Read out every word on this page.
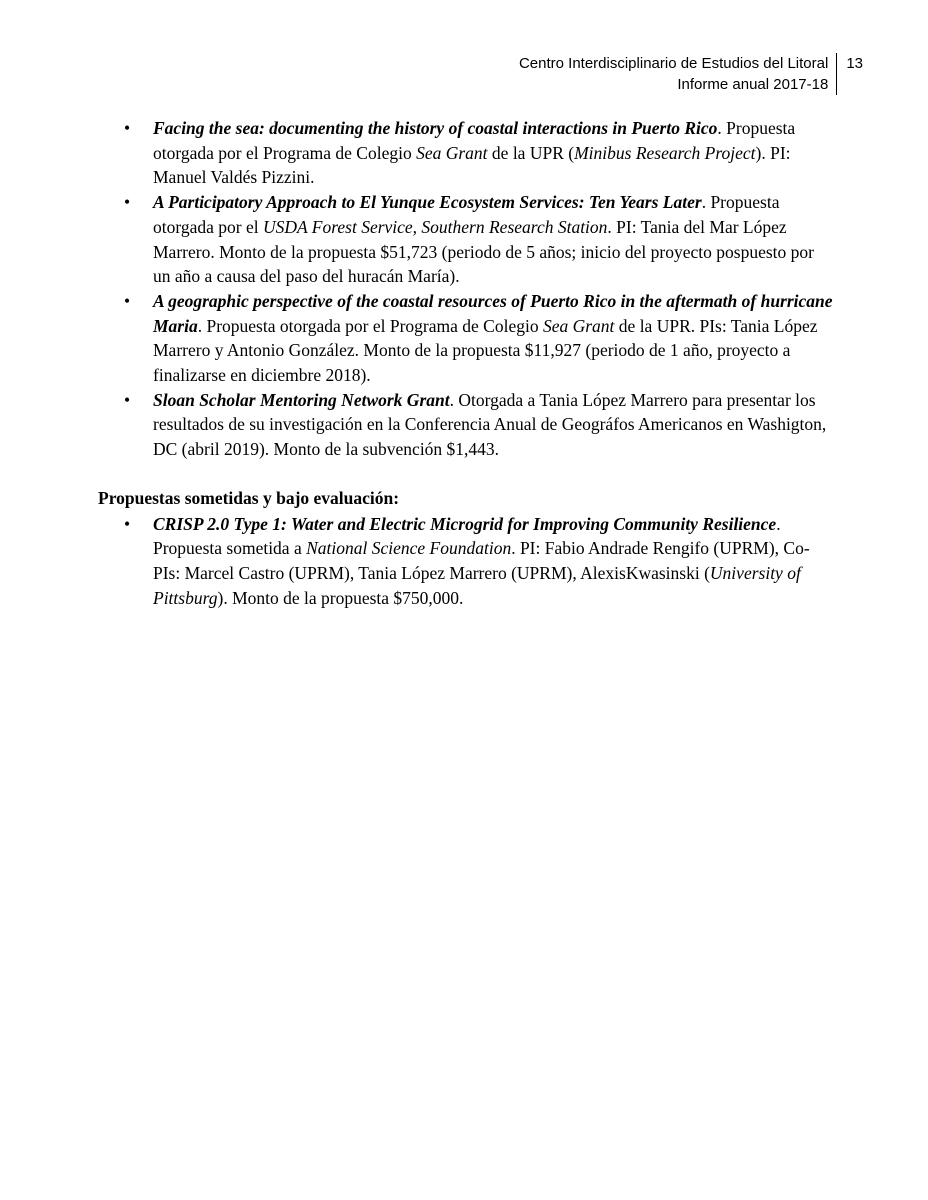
Centro Interdisciplinario de Estudios del Litoral
Informe anual 2017-18
13
• Facing the sea: documenting the history of coastal interactions in Puerto Rico. Propuesta otorgada por el Programa de Colegio Sea Grant de la UPR (Minibus Research Project). PI: Manuel Valdés Pizzini.
• A Participatory Approach to El Yunque Ecosystem Services: Ten Years Later. Propuesta otorgada por el USDA Forest Service, Southern Research Station. PI: Tania del Mar López Marrero. Monto de la propuesta $51,723 (periodo de 5 años; inicio del proyecto pospuesto por un año a causa del paso del huracán María).
• A geographic perspective of the coastal resources of Puerto Rico in the aftermath of hurricane Maria. Propuesta otorgada por el Programa de Colegio Sea Grant de la UPR. PIs: Tania López Marrero y Antonio González. Monto de la propuesta $11,927 (periodo de 1 año, proyecto a finalizarse en diciembre 2018).
• Sloan Scholar Mentoring Network Grant. Otorgada a Tania López Marrero para presentar los resultados de su investigación en la Conferencia Anual de Geográfos Americanos en Washigton, DC (abril 2019). Monto de la subvención $1,443.
Propuestas sometidas y bajo evaluación:
• CRISP 2.0 Type 1: Water and Electric Microgrid for Improving Community Resilience. Propuesta sometida a National Science Foundation. PI: Fabio Andrade Rengifo (UPRM), Co-PIs: Marcel Castro (UPRM), Tania López Marrero (UPRM), AlexisKwasinski (University of Pittsburg). Monto de la propuesta $750,000.
